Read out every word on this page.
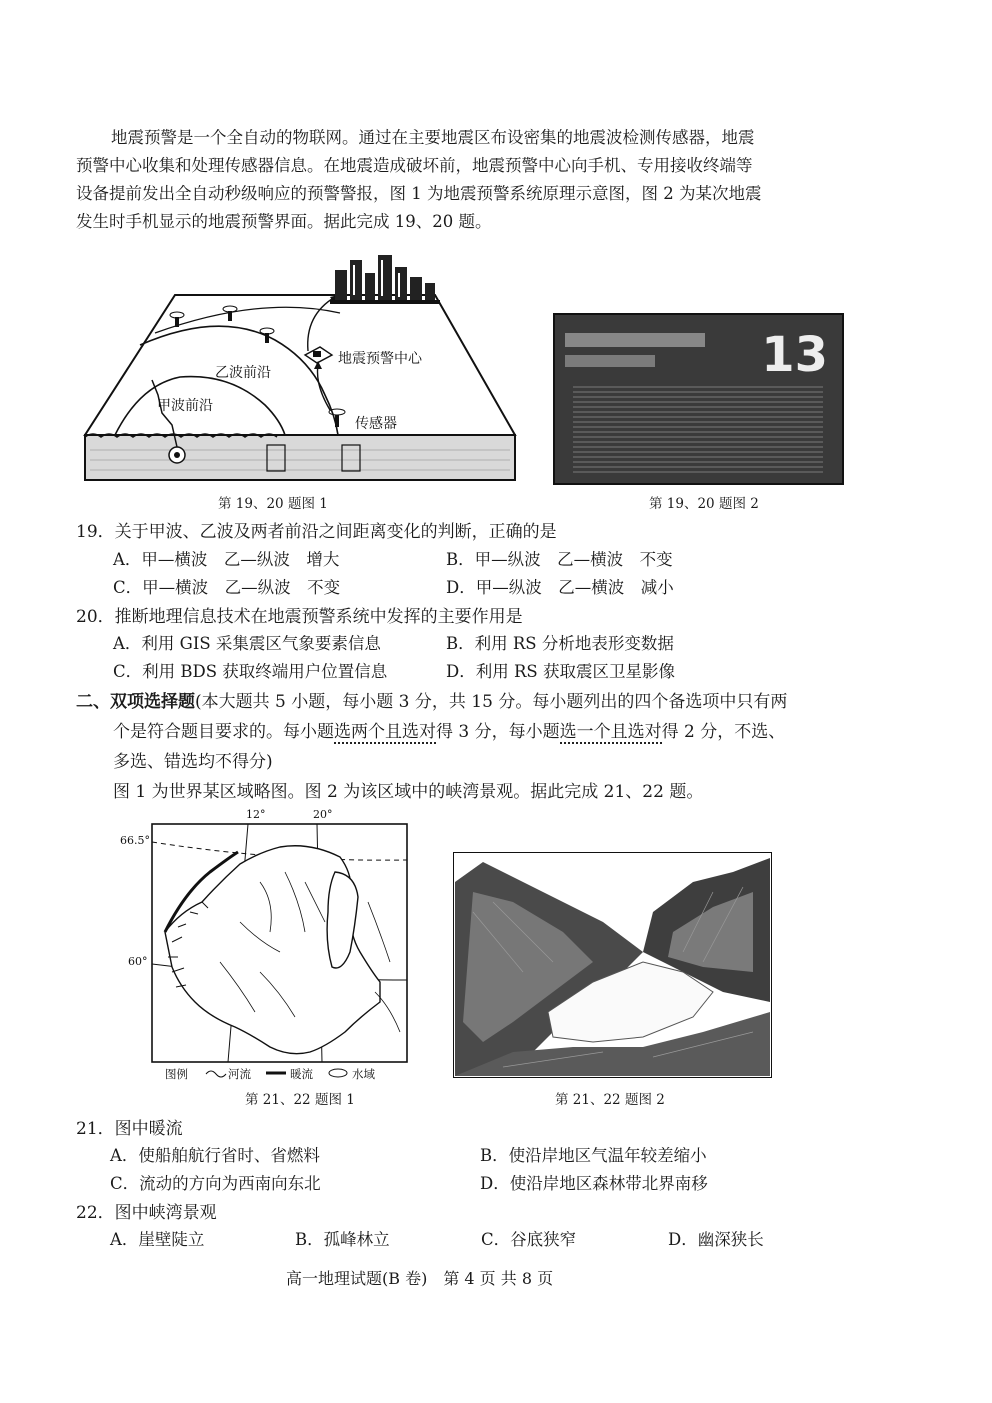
地震预警是一个全自动的物联网。通过在主要地震区布设密集的地震波检测传感器，地震
预警中心收集和处理传感器信息。在地震造成破坏前，地震预警中心向手机、专用接收终端等
设备提前发出全自动秒级响应的预警警报，图 1 为地震预警系统原理示意图，图 2 为某次地震
发生时手机显示的地震预警界面。据此完成 19、20 题。
甲波前沿
乙波前沿
地震预警中心
传感器
第 19、20 题图 1
13
第 19、20 题图 2
19．关于甲波、乙波及两者前沿之间距离变化的判断，正确的是
A．甲—横波　乙—纵波　增大	B．甲—纵波　乙—横波　不变
C．甲—横波　乙—纵波　不变	D．甲—纵波　乙—横波　减小
20．推断地理信息技术在地震预警系统中发挥的主要作用是
A．利用 GIS 采集震区气象要素信息	B．利用 RS 分析地表形变数据
C．利用 BDS 获取终端用户位置信息	D．利用 RS 获取震区卫星影像
二、双项选择题(本大题共 5 小题，每小题 3 分，共 15 分。每小题列出的四个备选项中只有两
个是符合题目要求的。每小题选两个且选对得 3 分，每小题选一个且选对得 2 分，不选、
多选、错选均不得分)
图 1 为世界某区域略图。图 2 为该区域中的峡湾景观。据此完成 21、22 题。
12°	20°
66.5°
60°
图例	河流	暖流	水域
第 21、22 题图 1	第 21、22 题图 2
21．图中暖流
A．使船舶航行省时、省燃料	B．使沿岸地区气温年较差缩小
C．流动的方向为西南向东北	D．使沿岸地区森林带北界南移
22．图中峡湾景观
A．崖壁陡立	B．孤峰林立	C．谷底狭窄	D．幽深狭长
高一地理试题(B 卷)　第 4 页 共 8 页
